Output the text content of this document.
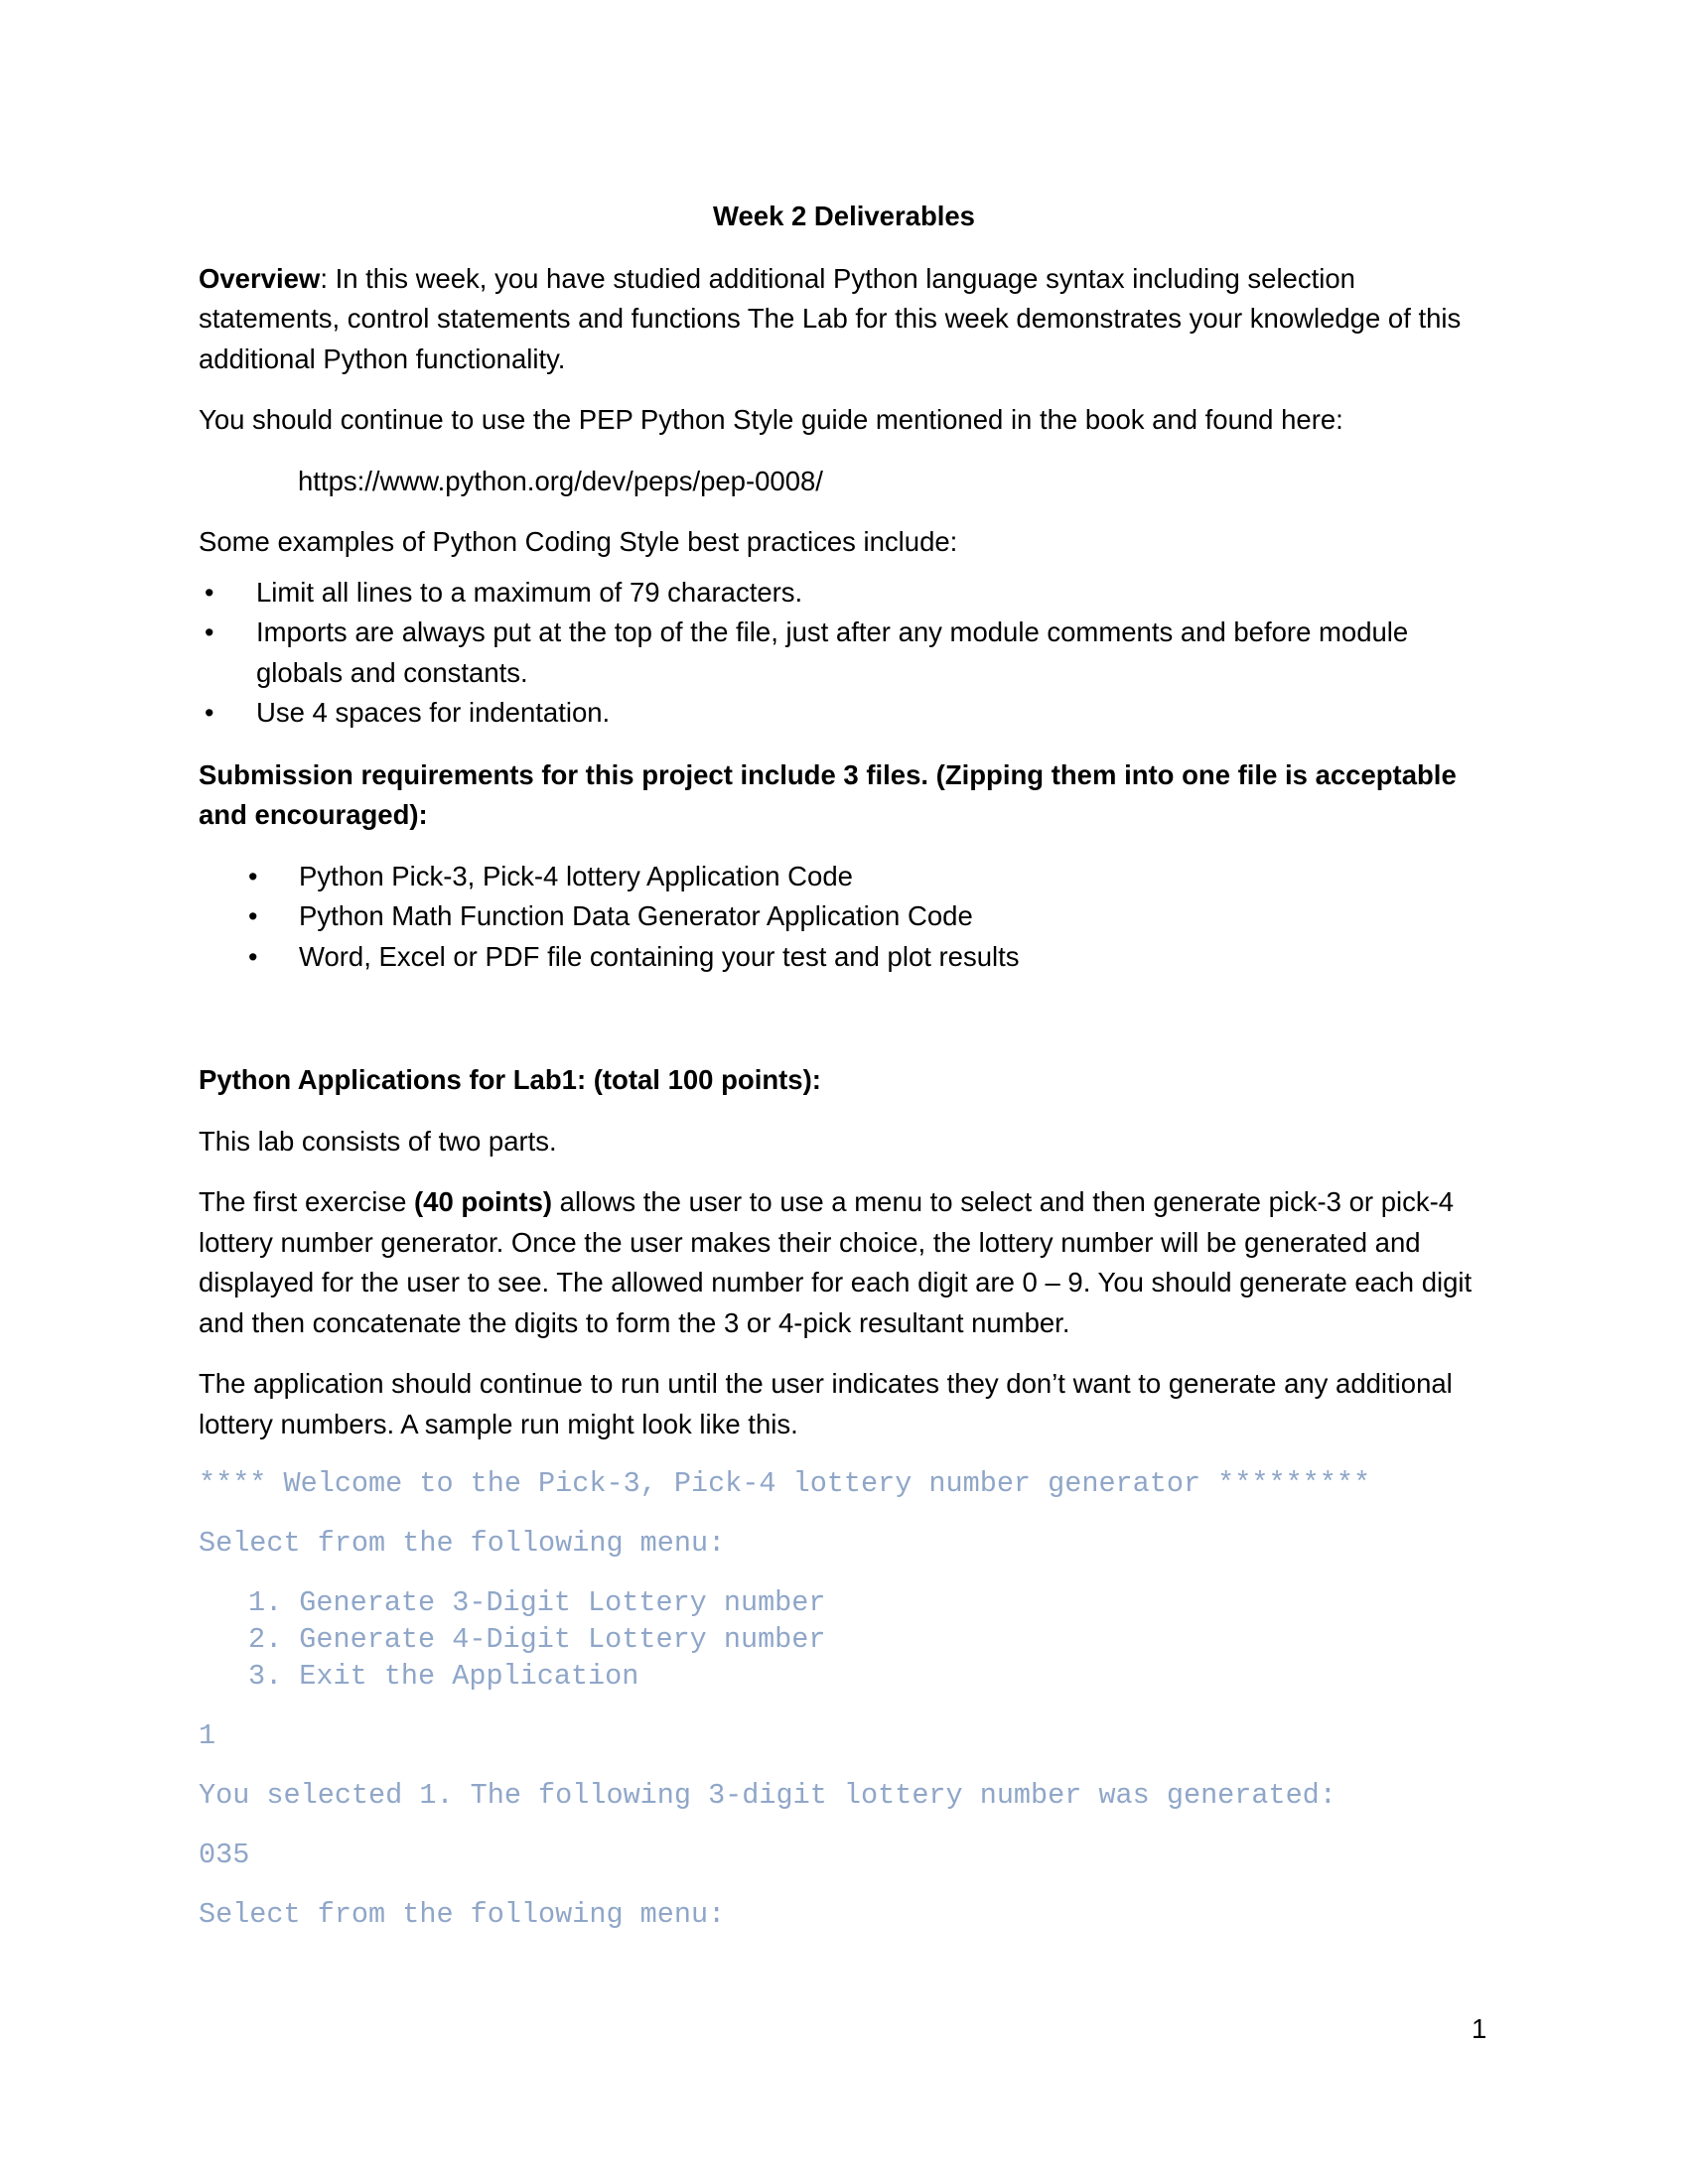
Week 2 Deliverables

Overview: In this week, you have studied additional Python language syntax including selection statements, control statements and functions The Lab for this week demonstrates your knowledge of this additional Python functionality.

You should continue to use the PEP Python Style guide mentioned in the book and found here:

https://www.python.org/dev/peps/pep-0008/

Some examples of Python Coding Style best practices include:

• Limit all lines to a maximum of 79 characters.
• Imports are always put at the top of the file, just after any module comments and before module globals and constants.
• Use 4 spaces for indentation.

Submission requirements for this project include 3 files. (Zipping them into one file is acceptable and encouraged):

• Python Pick-3, Pick-4 lottery Application Code
• Python Math Function Data Generator Application Code
• Word, Excel or PDF file containing your test and plot results

Python Applications for Lab1: (total 100 points):

This lab consists of two parts.

The first exercise (40 points) allows the user to use a menu to select and then generate pick-3 or pick-4 lottery number generator. Once the user makes their choice, the lottery number will be generated and displayed for the user to see. The allowed number for each digit are 0 – 9. You should generate each digit and then concatenate the digits to form the 3 or 4-pick resultant number.

The application should continue to run until the user indicates they don’t want to generate any additional lottery numbers. A sample run might look like this.

**** Welcome to the Pick-3, Pick-4 lottery number generator *********
Select from the following menu:
1. Generate 3-Digit Lottery number
2. Generate 4-Digit Lottery number
3. Exit the Application
1
You selected 1. The following 3-digit lottery number was generated:
035
Select from the following menu:
1
